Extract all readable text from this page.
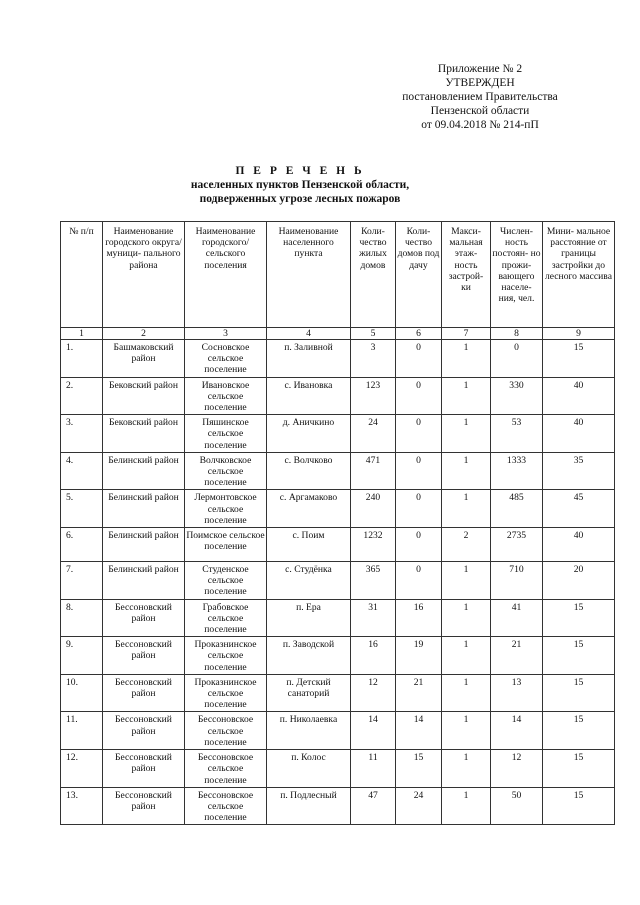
Приложение № 2
УТВЕРЖДЕН
постановлением Правительства
Пензенской области
от 09.04.2018 № 214-пП
П Е Р Е Ч Е Н Ь
населенных пунктов Пензенской области,
подверженных угрозе лесных пожаров
№ п/п	Наименование городского округа/ муници- пального района	Наименование городского/ сельского поселения	Наименование населенного пункта	Коли- чество жилых домов	Коли- чество домов под дачу	Макси- мальная этаж- ность застрой- ки	Числен- ность постоян- но прожи- вающего населе- ния, чел.	Мини- мальное расстояние от границы застройки до лесного массива
1	2	3	4	5	6	7	8	9
1.	Башмаковский район	Сосновское сельское поселение	п. Заливной	3	0	1	0	15
2.	Бековский район	Ивановское сельское поселение	с. Ивановка	123	0	1	330	40
3.	Бековский район	Пяшинское сельское поселение	д. Аничкино	24	0	1	53	40
4.	Белинский район	Волчковское сельское поселение	с. Волчково	471	0	1	1333	35
5.	Белинский район	Лермонтовское сельское поселение	с. Аргамаково	240	0	1	485	45
6.	Белинский район	Поимское сельское поселение	с. Поим	1232	0	2	2735	40
7.	Белинский район	Студенское сельское поселение	с. Студёнка	365	0	1	710	20
8.	Бессоновский район	Грабовское сельское поселение	п. Ера	31	16	1	41	15
9.	Бессоновский район	Проказнинское сельское поселение	п. Заводской	16	19	1	21	15
10.	Бессоновский район	Проказнинское сельское поселение	п. Детский санаторий	12	21	1	13	15
11.	Бессоновский район	Бессоновское сельское поселение	п. Николаевка	14	14	1	14	15
12.	Бессоновский район	Бессоновское сельское поселение	п. Колос	11	15	1	12	15
13.	Бессоновский район	Бессоновское сельское поселение	п. Подлесный	47	24	1	50	15
